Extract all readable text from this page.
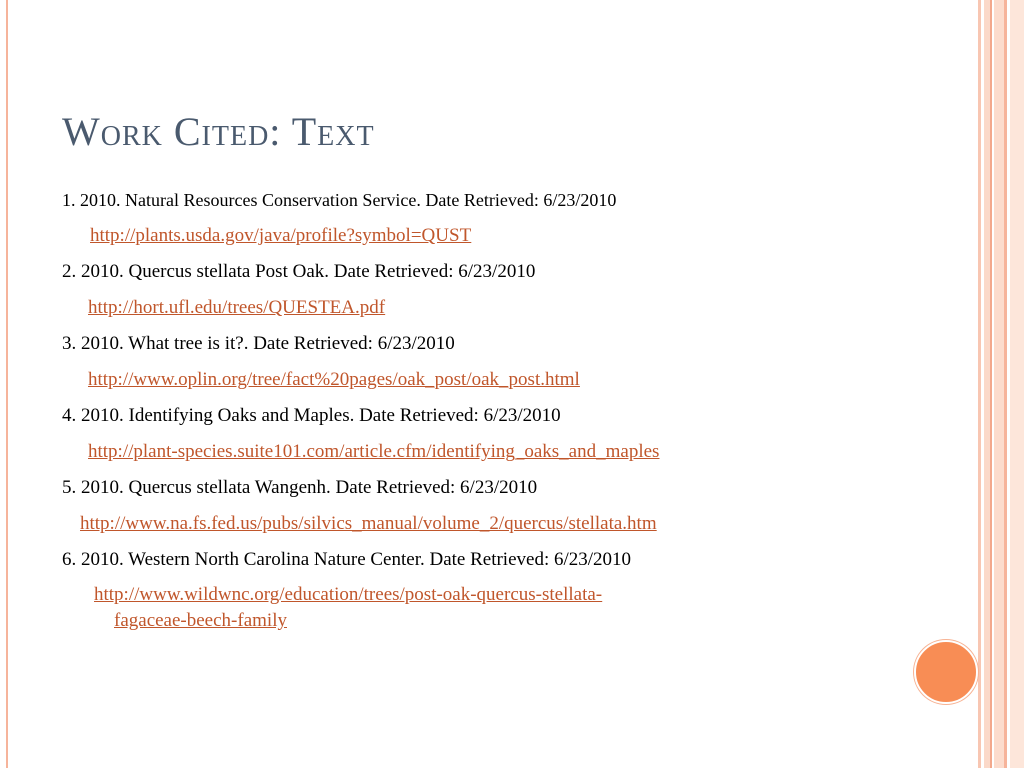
Work Cited: Text

1. 2010. Natural Resources Conservation Service. Date Retrieved: 6/23/2010

http://plants.usda.gov/java/profile?symbol=QUST

2. 2010. Quercus stellata Post Oak. Date Retrieved: 6/23/2010

http://hort.ufl.edu/trees/QUESTEA.pdf

3. 2010. What tree is it?. Date Retrieved: 6/23/2010

http://www.oplin.org/tree/fact%20pages/oak_post/oak_post.html

4. 2010. Identifying Oaks and Maples. Date Retrieved: 6/23/2010

http://plant-species.suite101.com/article.cfm/identifying_oaks_and_maples

5. 2010. Quercus stellata Wangenh. Date Retrieved: 6/23/2010

http://www.na.fs.fed.us/pubs/silvics_manual/volume_2/quercus/stellata.htm

6. 2010. Western North Carolina Nature Center. Date Retrieved: 6/23/2010

http://www.wildwnc.org/education/trees/post-oak-quercus-stellata-
fagaceae-beech-family
